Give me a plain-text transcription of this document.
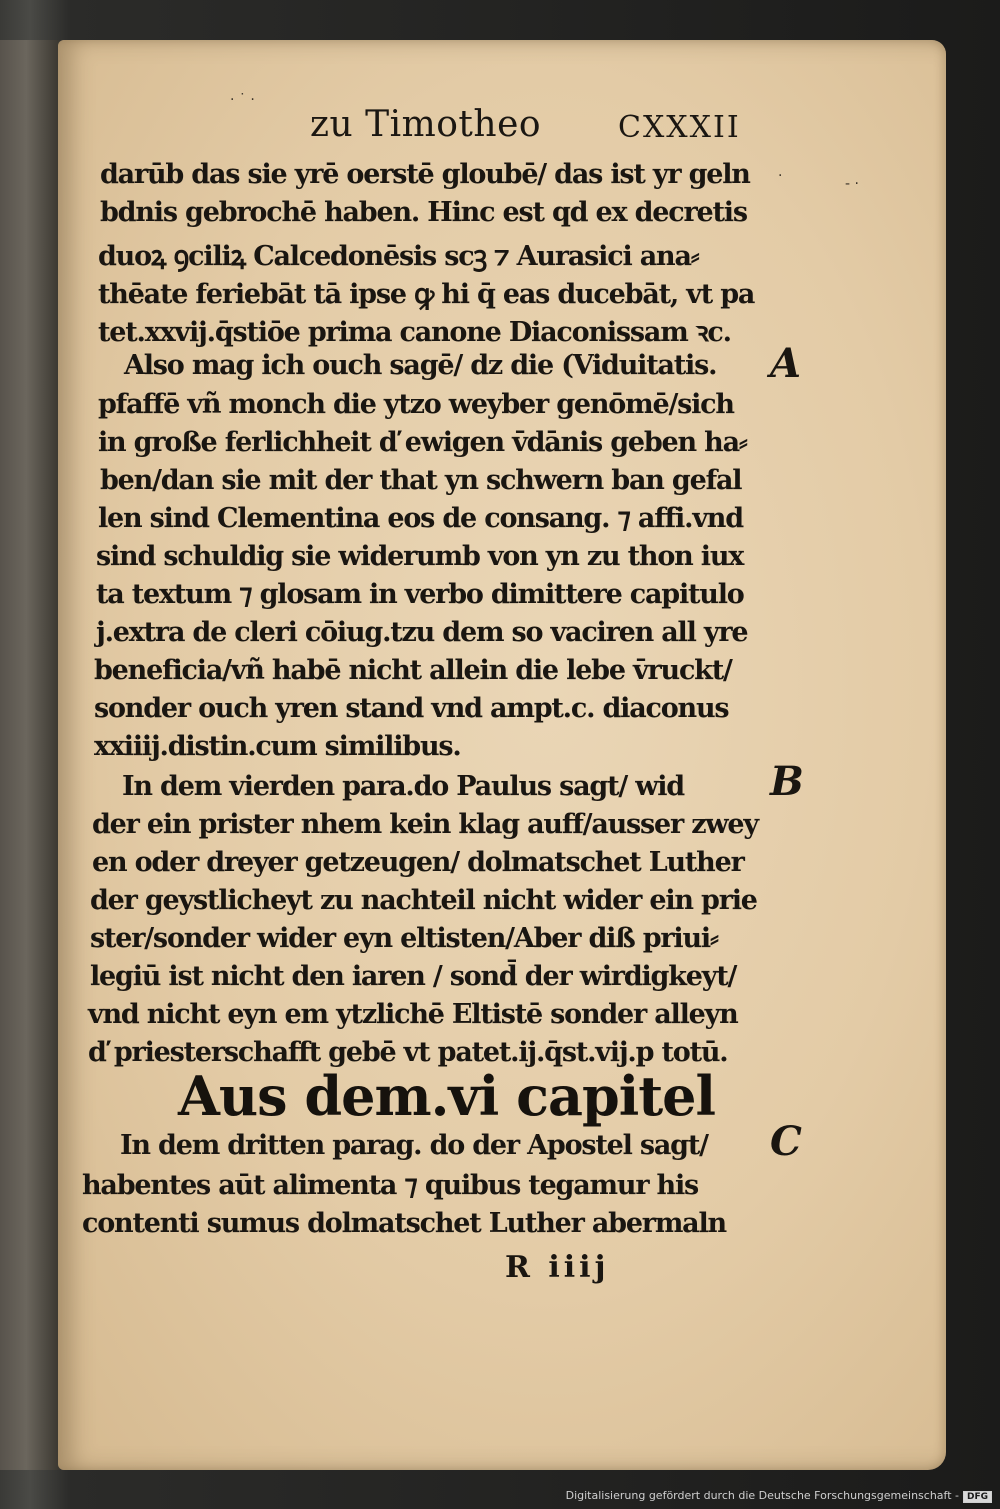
zu Timotheo	CXXXII
darūb das sie yrē oerstē gloubē/ das ist yr geln
bdnis gebrochē haben. Hinc est qd ex decretis
duoꝝ ꝯciliꝝ Calcedonēsis scꝫ ⁊ Aurasici ana⸗
thēate feriebāt tā ipse ꝙ hi q̄ eas ducebāt, vt pa
tet.xxvij.q̄stiōe prima canone Diaconissam ꝛc.
Also mag ich ouch sagē/ dz die (Viduitatis.
pfaffē vñ monch die ytzo weyber genōmē/sich
in große ferlichheit ď ewigen v̄dānis geben ha⸗
ben/dan sie mit der that yn schwern ban gefal
len sind Clementina eos de consang. ⁊ affi.vnd
sind schuldig sie widerumb von yn zu thon iux
ta textum ⁊ glosam in verbo dimittere capitulo
j.extra de cleri cōiug.tzu dem so vaciren all yre
beneficia/vñ habē nicht allein die lebe v̄ruckt/
sonder ouch yren stand vnd ampt.c. diaconus
xxiiij.distin.cum similibus.
In dem vierden para.do Paulus sagt/ wid
der ein prister nhem kein klag auff/ausser zwey
en oder dreyer getzeugen/ dolmatschet Luther
der geystlicheyt zu nachteil nicht wider ein prie
ster/sonder wider eyn eltisten/Aber diß priui⸗
legiū ist nicht den iaren / sond̄ der wirdigkeyt/
vnd nicht eyn em ytzlichē Eltistē sonder alleyn
ď priesterschafft gebē vt patet.ij.q̄st.vij.p totū.
Aus dem.vi capitel
In dem dritten parag. do der Apostel sagt/
habentes aūt alimenta ⁊ quibus tegamur his
contenti sumus dolmatschet Luther abermaln
R iiij
A
B
C
· ˙ ·
- ·
·
Digitalisierung gefördert durch die Deutsche Forschungsgemeinschaft - DFG
